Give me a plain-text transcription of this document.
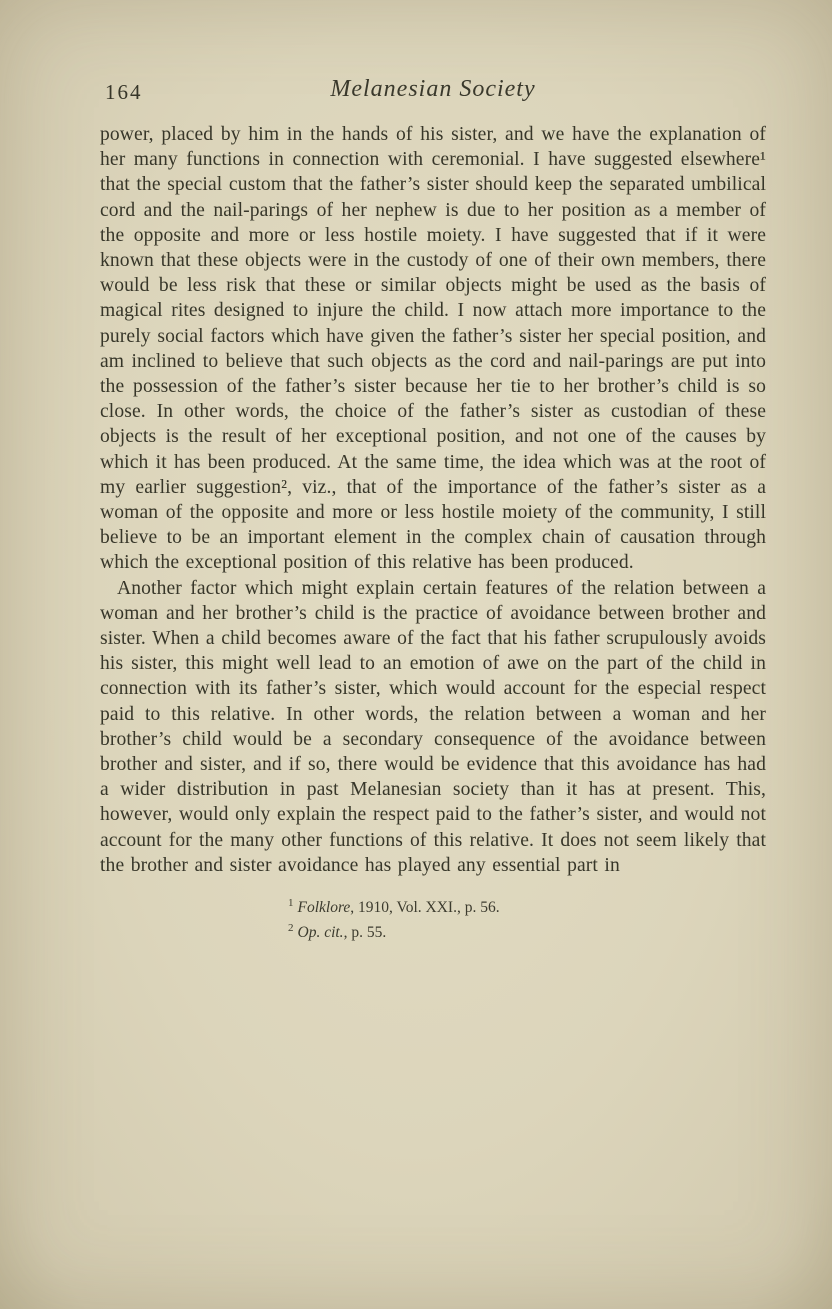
164	Melanesian Society

power, placed by him in the hands of his sister, and we have the explanation of her many functions in connection with ceremonial. I have suggested elsewhere¹ that the special custom that the father’s sister should keep the separated umbilical cord and the nail-parings of her nephew is due to her position as a member of the opposite and more or less hostile moiety. I have suggested that if it were known that these objects were in the custody of one of their own members, there would be less risk that these or similar objects might be used as the basis of magical rites designed to injure the child. I now attach more importance to the purely social factors which have given the father’s sister her special position, and am inclined to believe that such objects as the cord and nail-parings are put into the possession of the father’s sister because her tie to her brother’s child is so close. In other words, the choice of the father’s sister as custodian of these objects is the result of her exceptional position, and not one of the causes by which it has been produced. At the same time, the idea which was at the root of my earlier suggestion², viz., that of the importance of the father’s sister as a woman of the opposite and more or less hostile moiety of the community, I still believe to be an important element in the complex chain of causation through which the exceptional position of this relative has been produced.

Another factor which might explain certain features of the relation between a woman and her brother’s child is the practice of avoidance between brother and sister. When a child becomes aware of the fact that his father scrupulously avoids his sister, this might well lead to an emotion of awe on the part of the child in connection with its father’s sister, which would account for the especial respect paid to this relative. In other words, the relation between a woman and her brother’s child would be a secondary consequence of the avoidance between brother and sister, and if so, there would be evidence that this avoidance has had a wider distribution in past Melanesian society than it has at present. This, however, would only explain the respect paid to the father’s sister, and would not account for the many other functions of this relative. It does not seem likely that the brother and sister avoidance has played any essential part in

$^1$ Folklore, 1910, Vol. XXI., p. 56.

$^2$ Op. cit., p. 55.
